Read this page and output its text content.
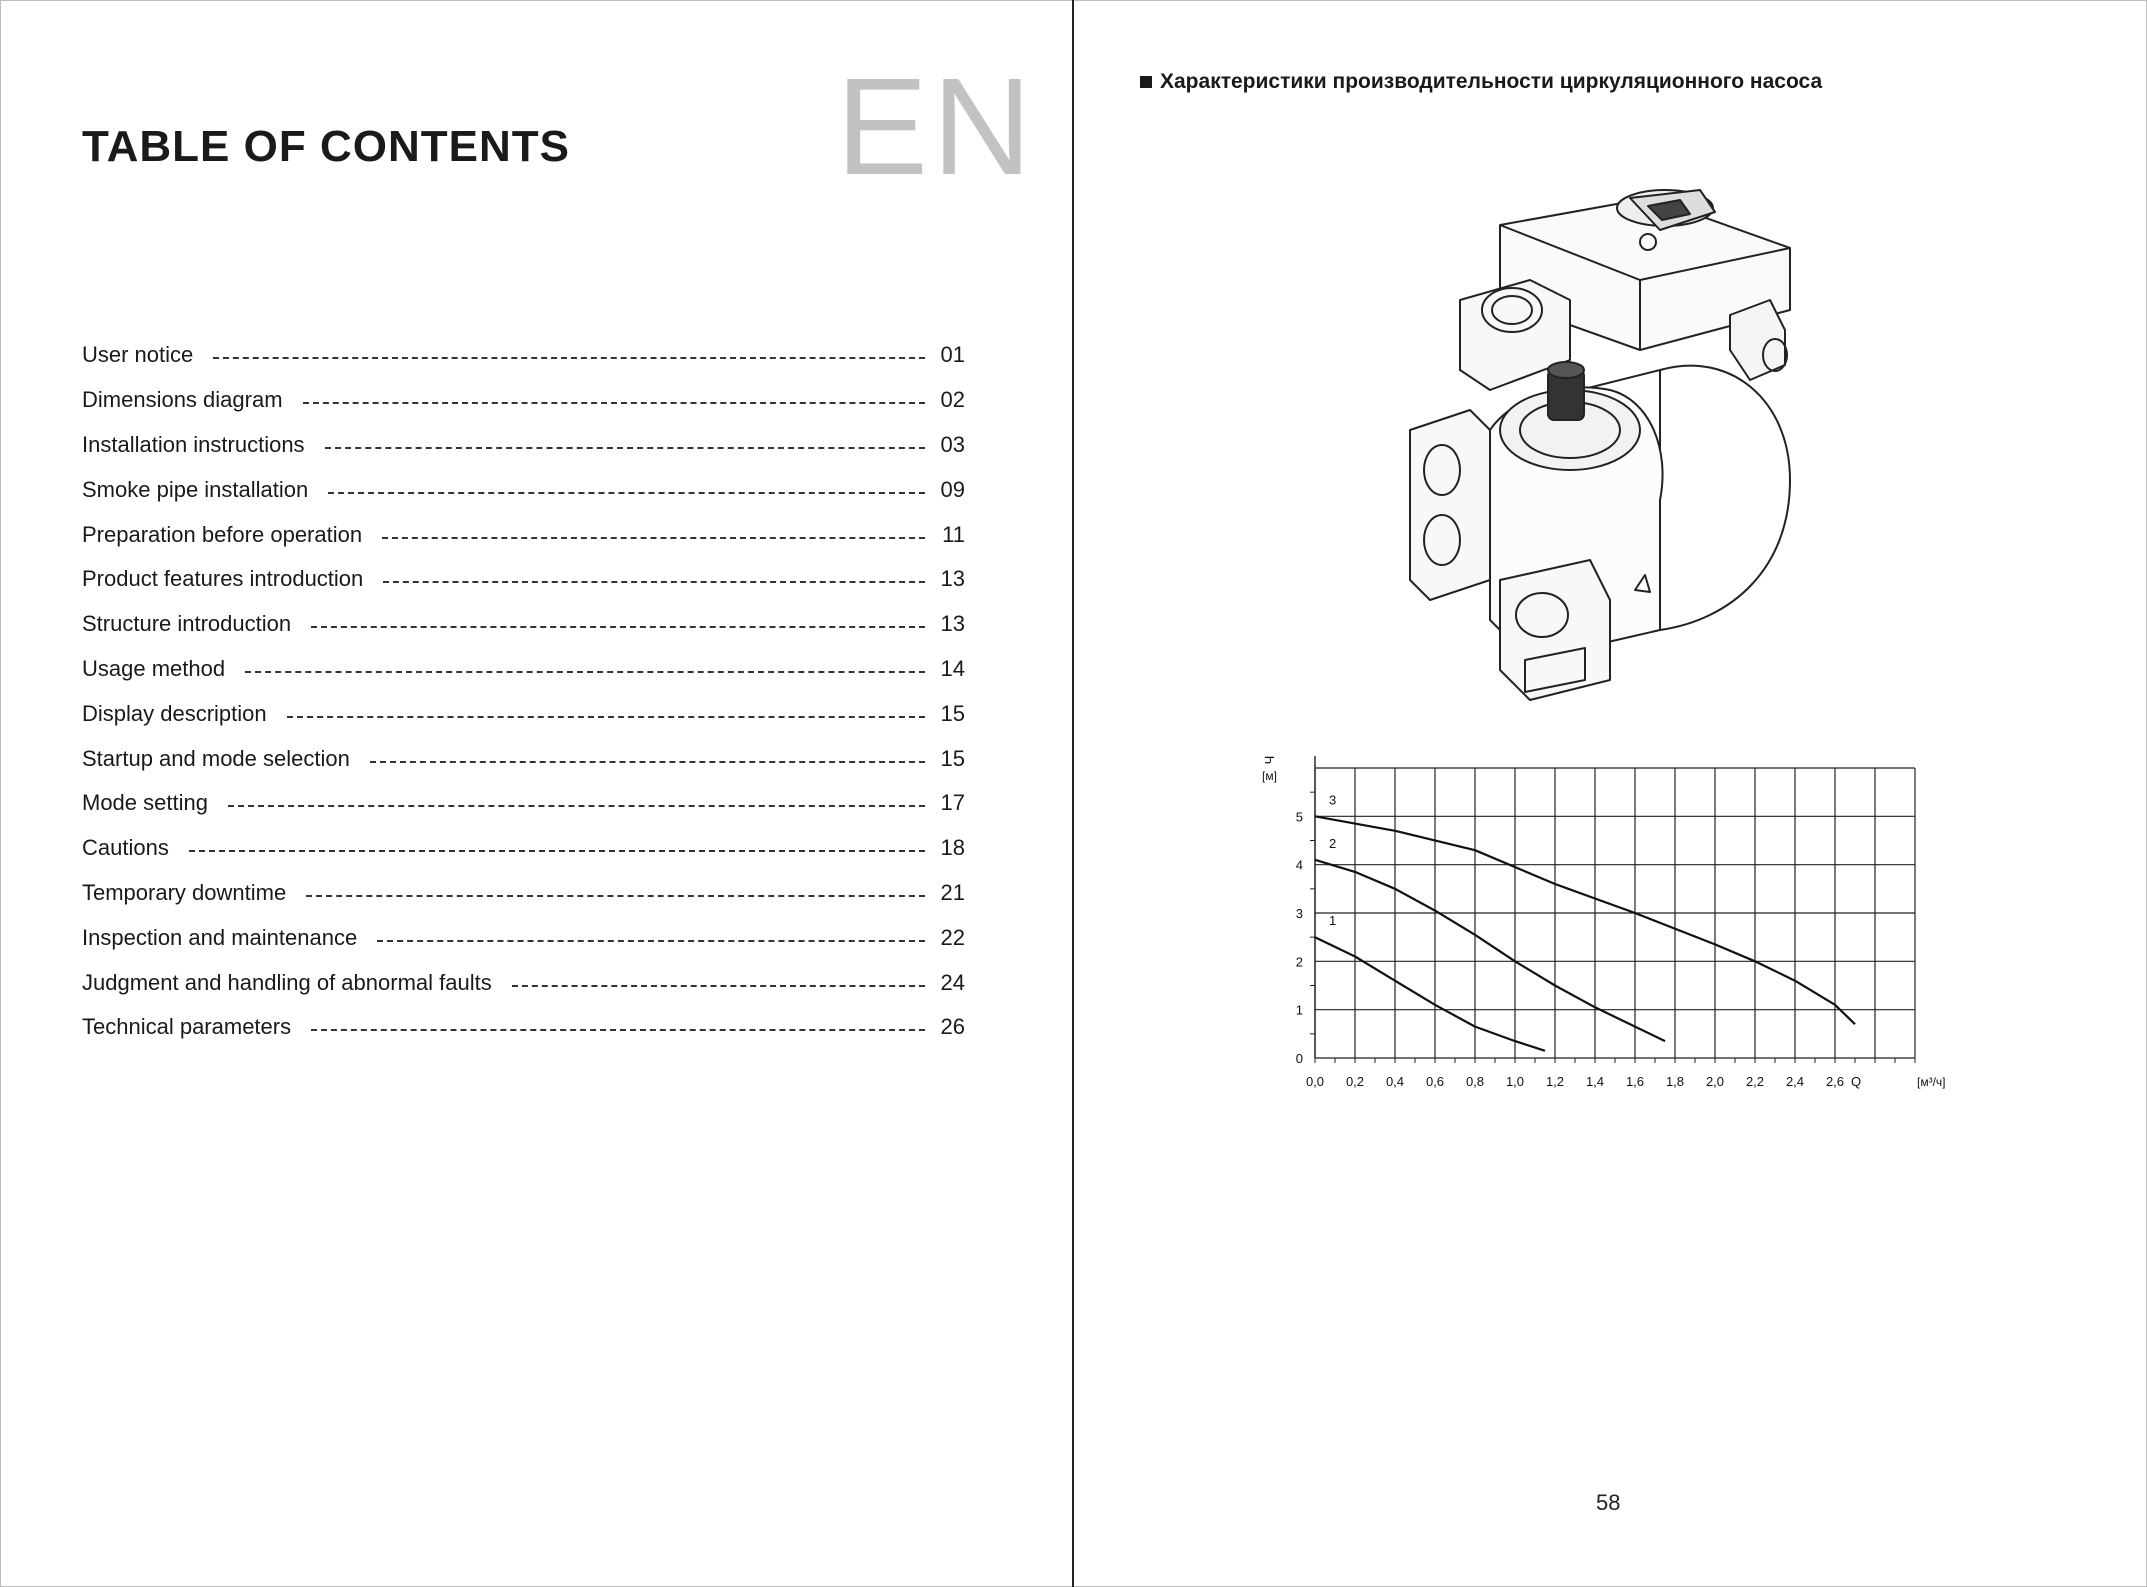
TABLE OF CONTENTS EN
User notice	01
Dimensions diagram	02
Installation instructions	03
Smoke pipe installation	09
Preparation before operation	11
Product features introduction	13
Structure introduction	13
Usage method	14
Display description	15
Startup and mode selection	15
Mode setting	17
Cautions	18
Temporary downtime	21
Inspection and maintenance	22
Judgment and handling of abnormal faults	24
Technical parameters	26
Характеристики производительности циркуляционного насоса
0,0 0,2 0,4 0,6 0,8 1,0 1,2 1,4 1,6 1,8 2,0 2,2 2,4 2,6
0
1
2
3
4
5
Q	[м³/ч]
Ч
[м]
1
2
3
58
